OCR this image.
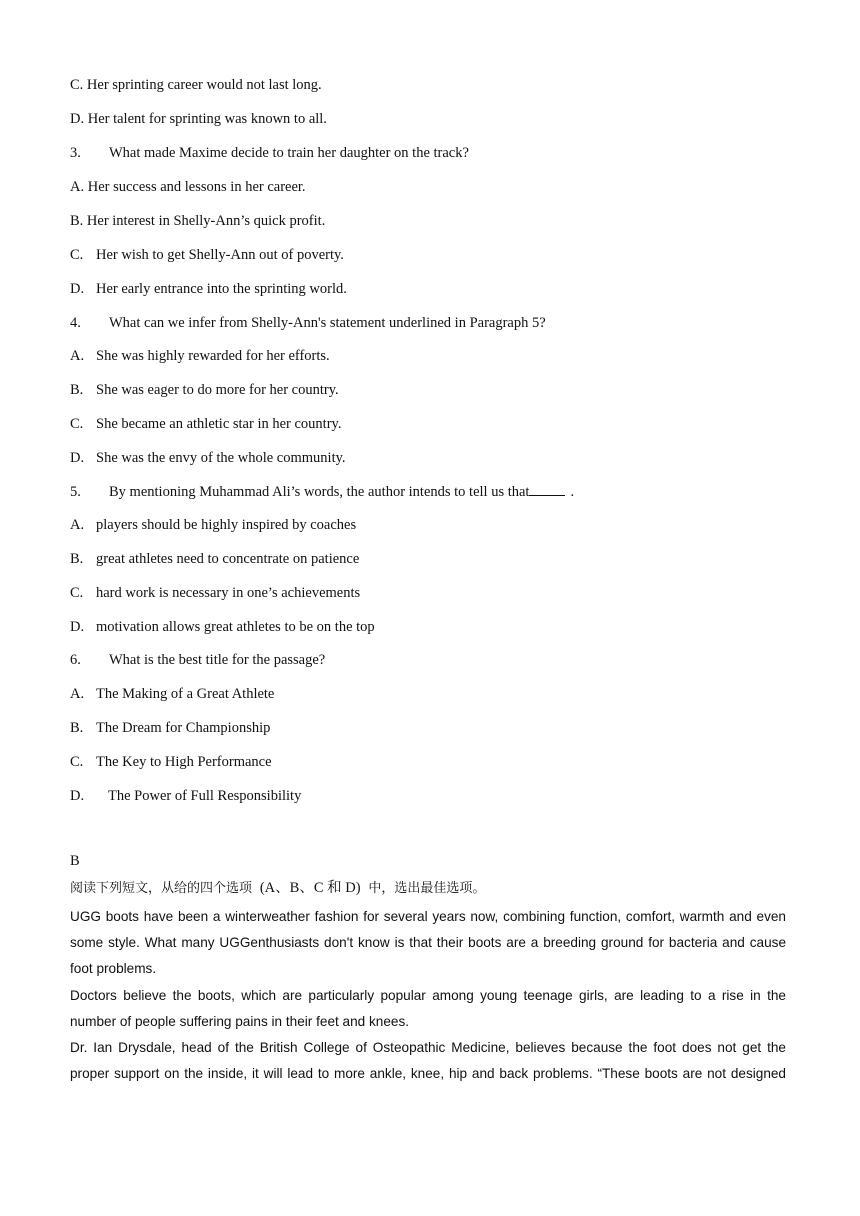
C. Her sprinting career would not last long.
D. Her talent for sprinting was known to all.
3. What made Maxime decide to train her daughter on the track?
A. Her success and lessons in her career.
B. Her interest in Shelly-Ann’s quick profit.
C. Her wish to get Shelly-Ann out of poverty.
D. Her early entrance into the sprinting world.
4. What can we infer from Shelly-Ann's statement underlined in Paragraph 5?
A. She was highly rewarded for her efforts.
B. She was eager to do more for her country.
C. She became an athletic star in her country.
D. She was the envy of the whole community.
5. By mentioning Muhammad Ali’s words, the author intends to tell us that	.
A. players should be highly inspired by coaches
B. great athletes need to concentrate on patience
C. hard work is necessary in one’s achievements
D. motivation allows great athletes to be on the top
6. What is the best title for the passage?
A. The Making of a Great Athlete
B. The Dream for Championship
C. The Key to High Performance
D. The Power of Full Responsibility
B
阅读下列短文，从给的四个选项 (A、B、C 和 D) 中，选出最佳选项。
UGG boots have been a winterweather fashion for several years now, combining function, comfort, warmth and even some style. What many UGGenthusiasts don't know is that their boots are a breeding ground for bacteria and cause foot problems.
Doctors believe the boots, which are particularly popular among young teenage girls, are leading to a rise in the number of people suffering pains in their feet and knees.
Dr. Ian Drysdale, head of the British College of Osteopathic Medicine, believes because the foot does not get the proper support on the inside, it will lead to more ankle, knee, hip and back problems. “These boots are not designed
